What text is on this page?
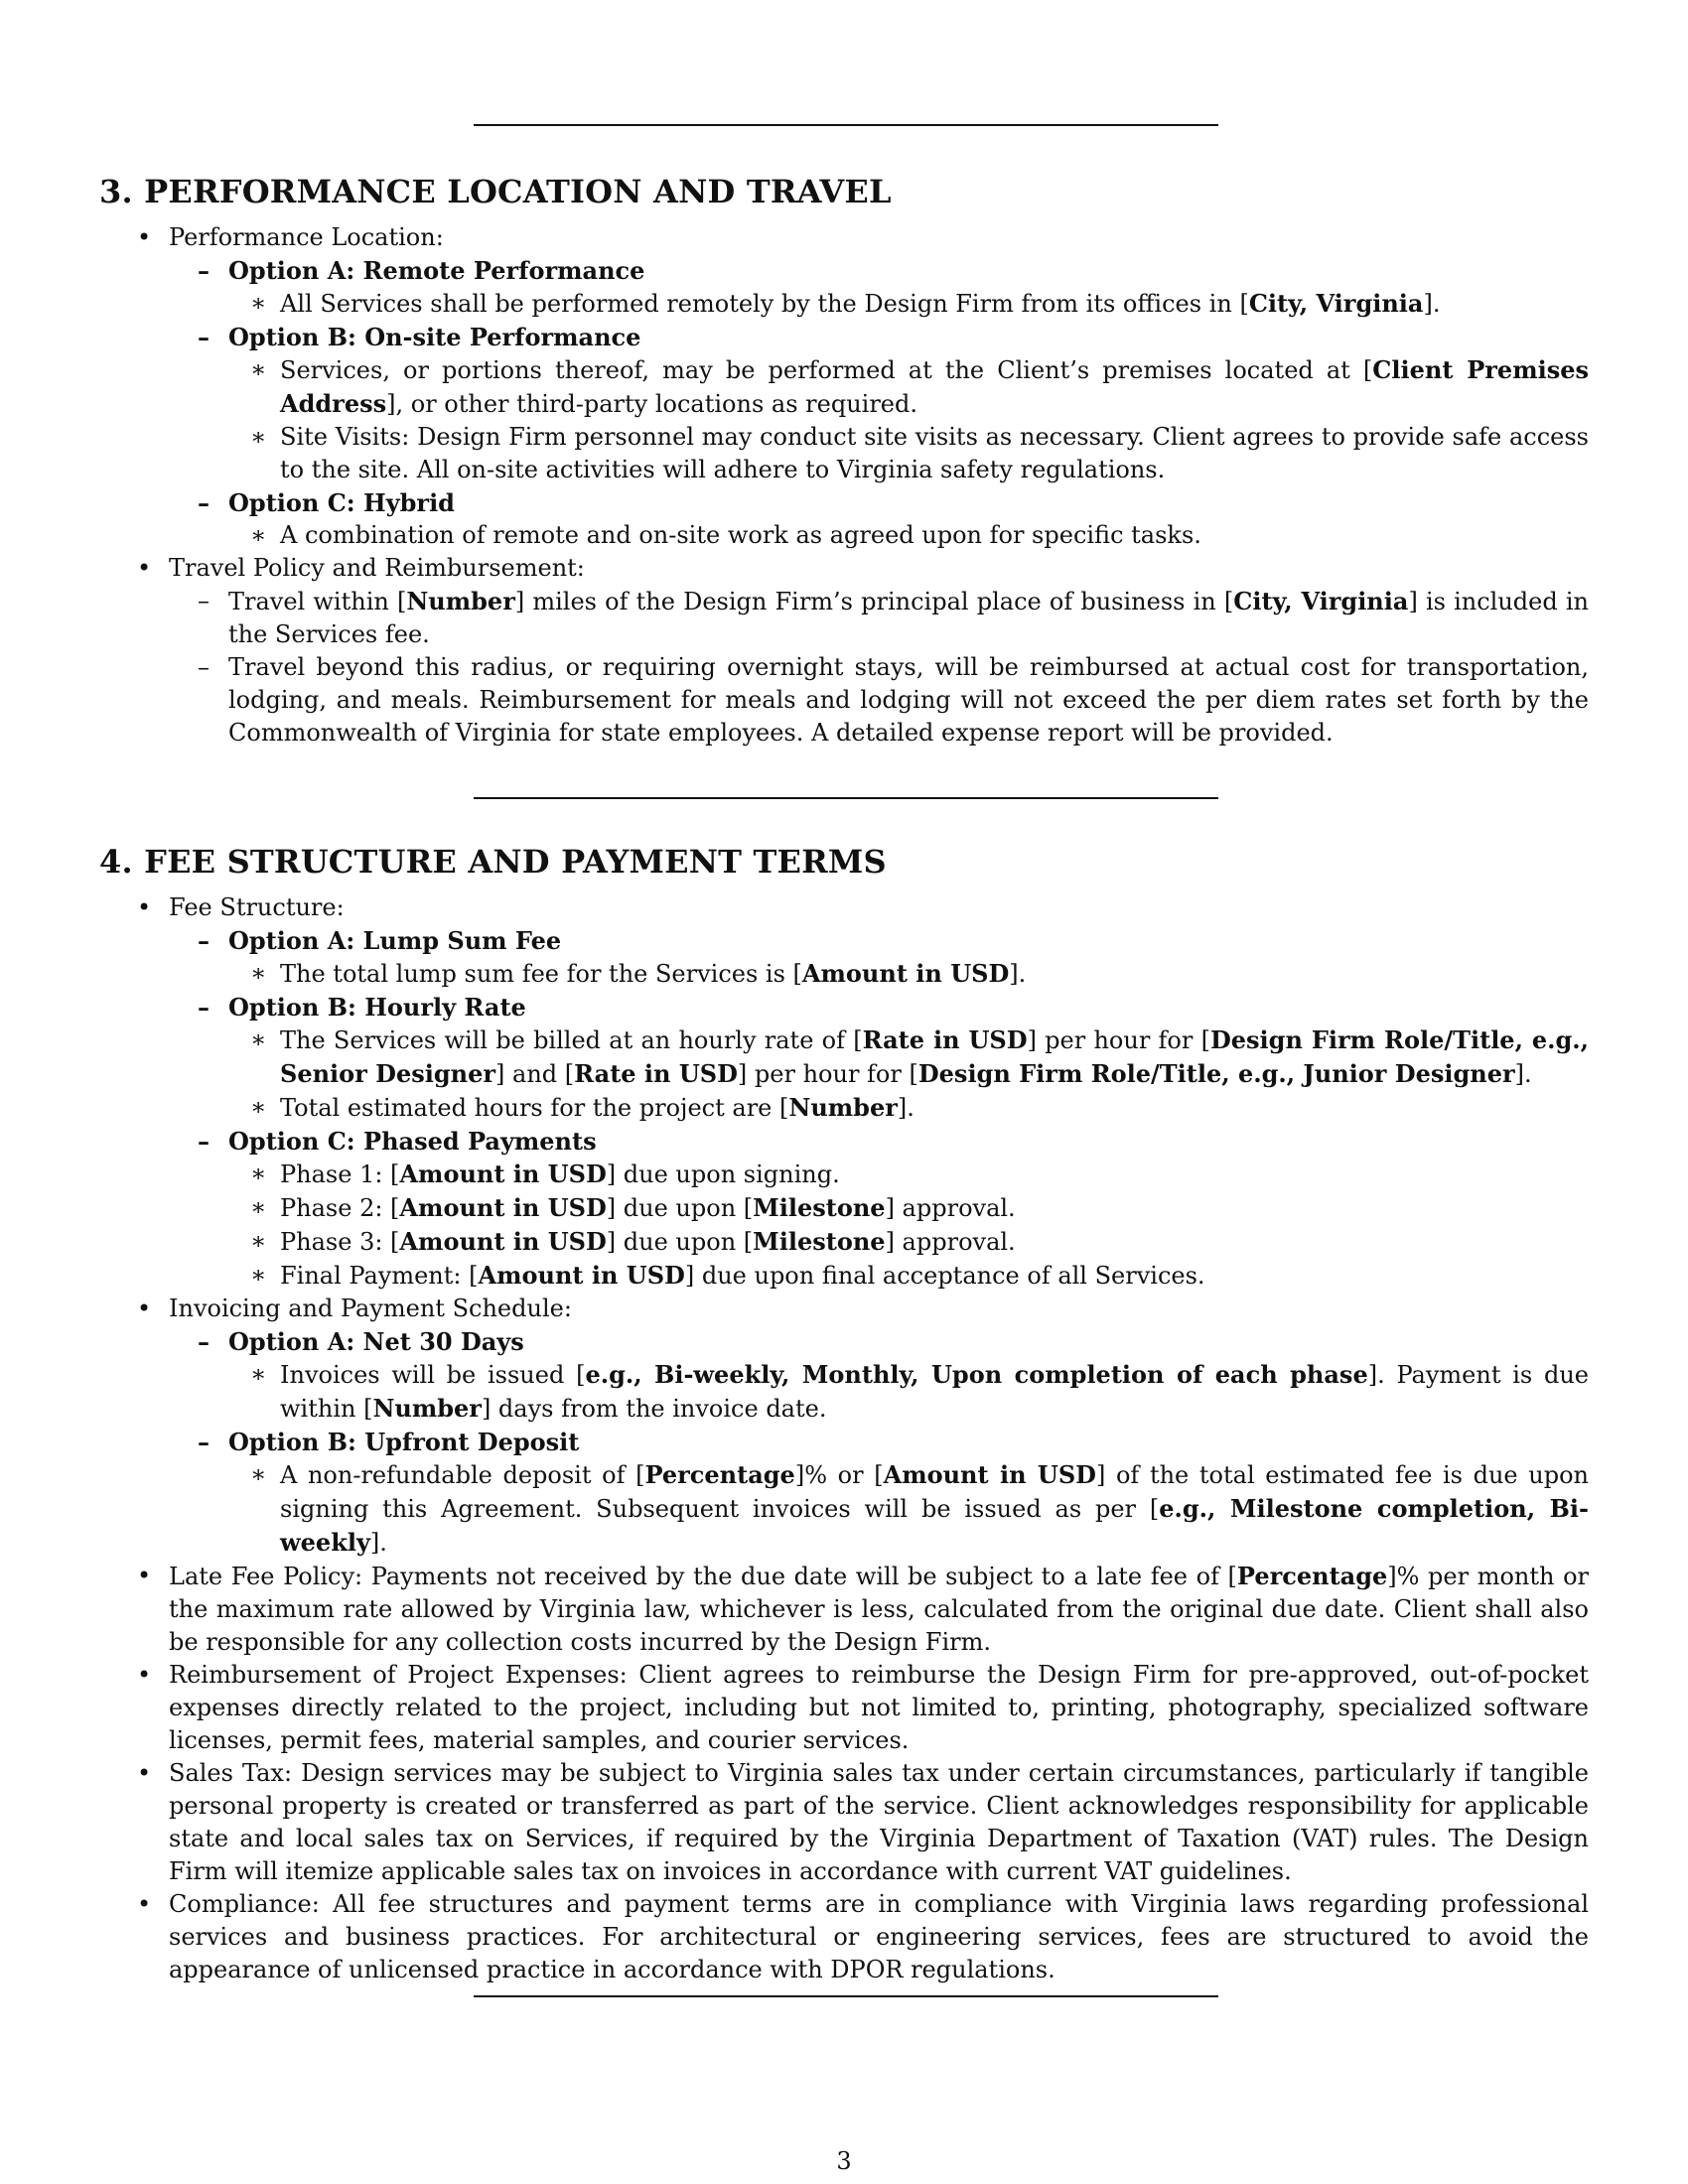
3. PERFORMANCE LOCATION AND TRAVEL
• Performance Location:
– Option A: Remote Performance
∗ All Services shall be performed remotely by the Design Firm from its offices in [City, Virginia].
– Option B: On-site Performance
∗ Services, or portions thereof, may be performed at the Client’s premises located at [Client Premises Address], or other third-party locations as required.
∗ Site Visits: Design Firm personnel may conduct site visits as necessary. Client agrees to provide safe access to the site. All on-site activities will adhere to Virginia safety regulations.
– Option C: Hybrid
∗ A combination of remote and on-site work as agreed upon for specific tasks.
• Travel Policy and Reimbursement:
– Travel within [Number] miles of the Design Firm’s principal place of business in [City, Virginia] is included in the Services fee.
– Travel beyond this radius, or requiring overnight stays, will be reimbursed at actual cost for transportation, lodging, and meals. Reimbursement for meals and lodging will not exceed the per diem rates set forth by the Commonwealth of Virginia for state employees. A detailed expense report will be provided.
4. FEE STRUCTURE AND PAYMENT TERMS
• Fee Structure:
– Option A: Lump Sum Fee
∗ The total lump sum fee for the Services is [Amount in USD].
– Option B: Hourly Rate
∗ The Services will be billed at an hourly rate of [Rate in USD] per hour for [Design Firm Role/Title, e.g., Senior Designer] and [Rate in USD] per hour for [Design Firm Role/Title, e.g., Junior Designer].
∗ Total estimated hours for the project are [Number].
– Option C: Phased Payments
∗ Phase 1: [Amount in USD] due upon signing.
∗ Phase 2: [Amount in USD] due upon [Milestone] approval.
∗ Phase 3: [Amount in USD] due upon [Milestone] approval.
∗ Final Payment: [Amount in USD] due upon final acceptance of all Services.
• Invoicing and Payment Schedule:
– Option A: Net 30 Days
∗ Invoices will be issued [e.g., Bi-weekly, Monthly, Upon completion of each phase]. Payment is due within [Number] days from the invoice date.
– Option B: Upfront Deposit
∗ A non-refundable deposit of [Percentage]% or [Amount in USD] of the total estimated fee is due upon signing this Agreement. Subsequent invoices will be issued as per [e.g., Milestone completion, Bi-weekly].
• Late Fee Policy: Payments not received by the due date will be subject to a late fee of [Percentage]% per month or the maximum rate allowed by Virginia law, whichever is less, calculated from the original due date. Client shall also be responsible for any collection costs incurred by the Design Firm.
• Reimbursement of Project Expenses: Client agrees to reimburse the Design Firm for pre-approved, out-of-pocket expenses directly related to the project, including but not limited to, printing, photography, specialized software licenses, permit fees, material samples, and courier services.
• Sales Tax: Design services may be subject to Virginia sales tax under certain circumstances, particularly if tangible personal property is created or transferred as part of the service. Client acknowledges responsibility for applicable state and local sales tax on Services, if required by the Virginia Department of Taxation (VAT) rules. The Design Firm will itemize applicable sales tax on invoices in accordance with current VAT guidelines.
• Compliance: All fee structures and payment terms are in compliance with Virginia laws regarding professional services and business practices. For architectural or engineering services, fees are structured to avoid the appearance of unlicensed practice in accordance with DPOR regulations.
3
